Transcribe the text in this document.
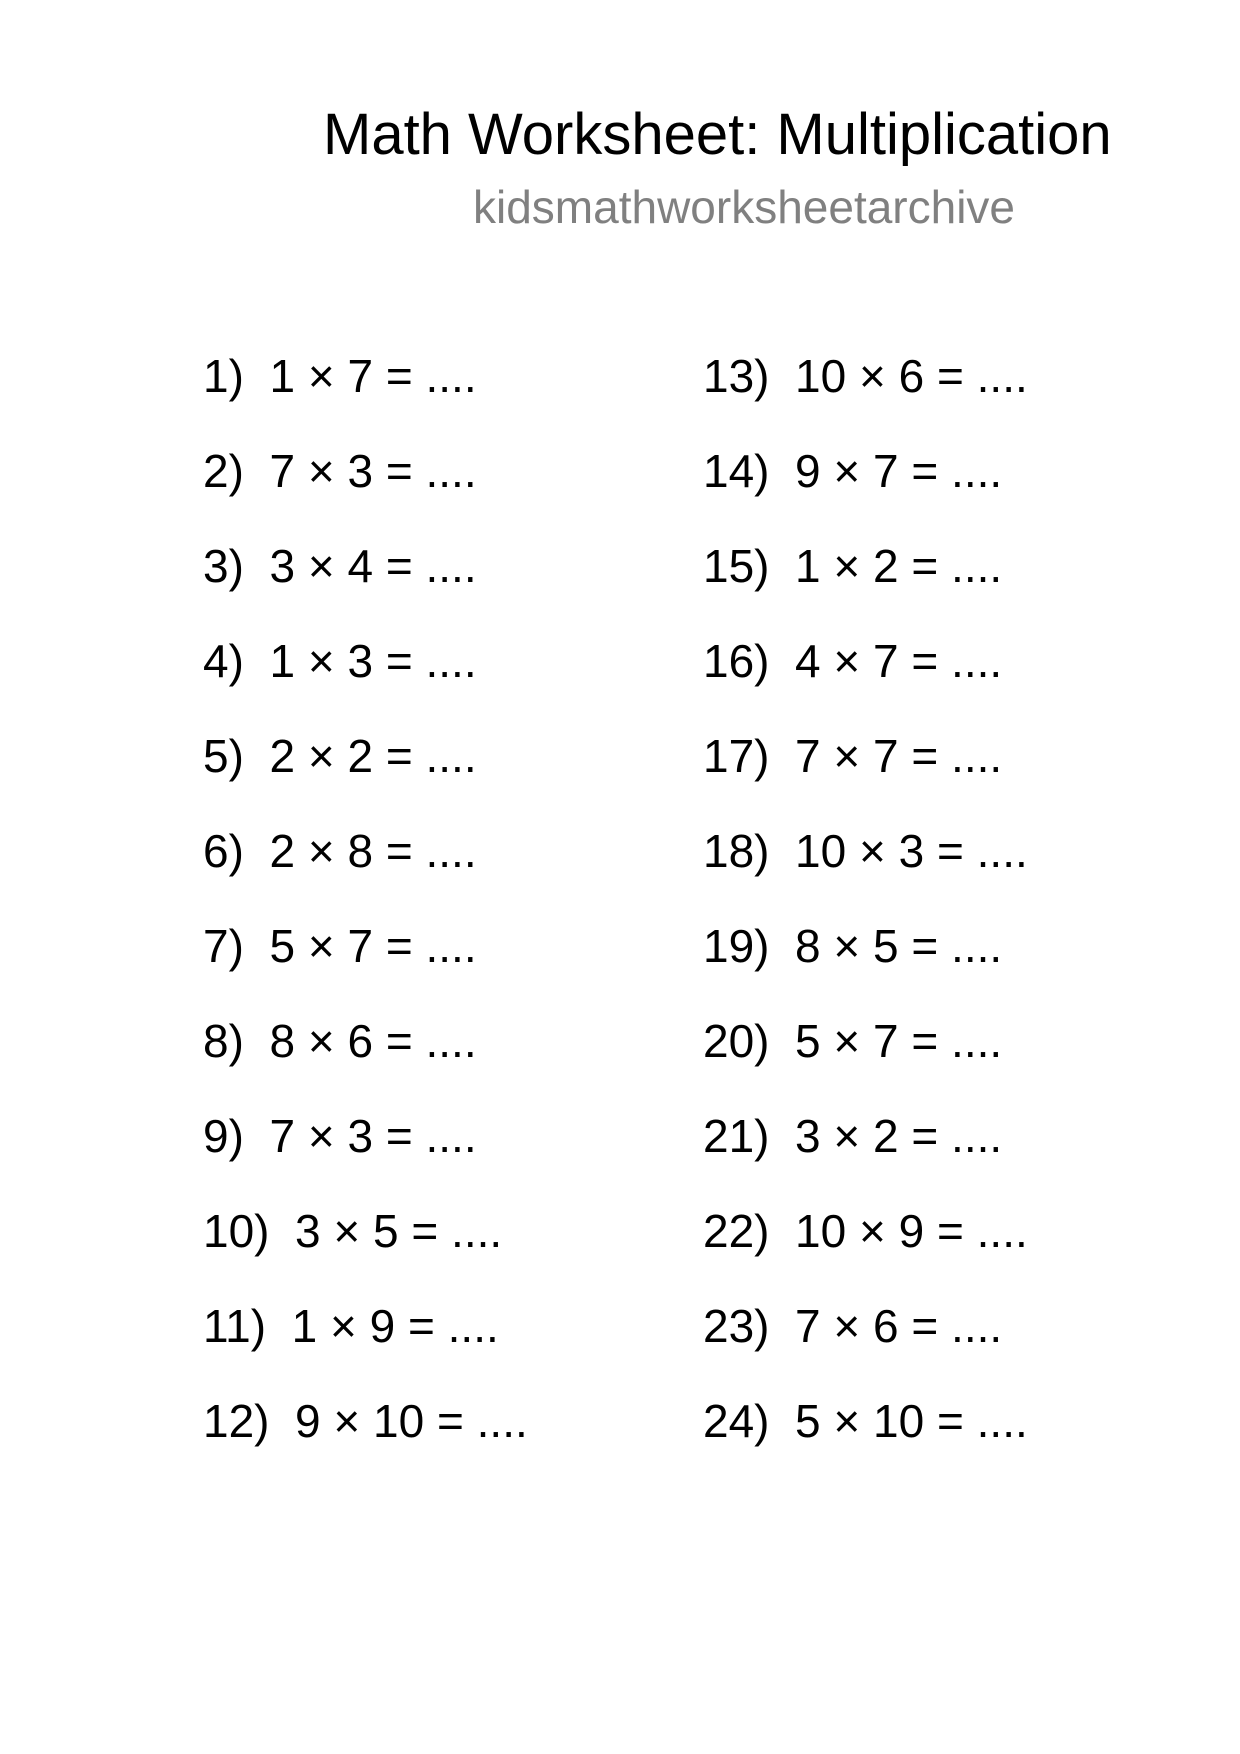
Math Worksheet: Multiplication
kidsmathworksheetarchive
1) 1 × 7 = ....
2) 7 × 3 = ....
3) 3 × 4 = ....
4) 1 × 3 = ....
5) 2 × 2 = ....
6) 2 × 8 = ....
7) 5 × 7 = ....
8) 8 × 6 = ....
9) 7 × 3 = ....
10) 3 × 5 = ....
11) 1 × 9 = ....
12) 9 × 10 = ....
13) 10 × 6 = ....
14) 9 × 7 = ....
15) 1 × 2 = ....
16) 4 × 7 = ....
17) 7 × 7 = ....
18) 10 × 3 = ....
19) 8 × 5 = ....
20) 5 × 7 = ....
21) 3 × 2 = ....
22) 10 × 9 = ....
23) 7 × 6 = ....
24) 5 × 10 = ....
